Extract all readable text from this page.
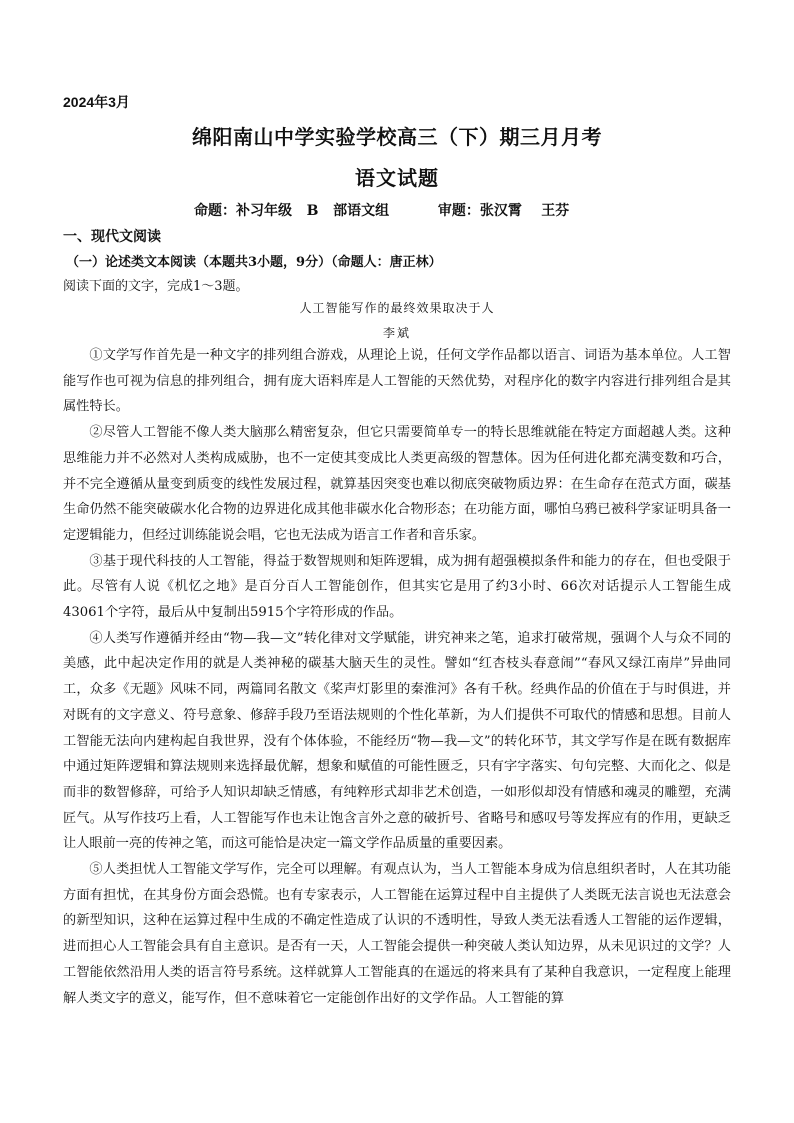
2024年3月
绵阳南山中学实验学校高三（下）期三月月考
语文试题
命题：补习年级   B   部语文组          审题：张汉霄    王芬
一、现代文阅读
（一）论述类文本阅读（本题共3小题，9分）（命题人：唐正林）
阅读下面的文字，完成1～3题。
人工智能写作的最终效果取决于人
李斌

①文学写作首先是一种文字的排列组合游戏，从理论上说，任何文学作品都以语言、词语为基本单位。人工智能写作也可视为信息的排列组合，拥有庞大语料库是人工智能的天然优势，对程序化的数字内容进行排列组合是其属性特长。

②尽管人工智能不像人类大脑那么精密复杂，但它只需要简单专一的特长思维就能在特定方面超越人类。这种思维能力并不必然对人类构成威胁，也不一定使其变成比人类更高级的智慧体。因为任何进化都充满变数和巧合，并不完全遵循从量变到质变的线性发展过程，就算基因突变也难以彻底突破物质边界：在生命存在范式方面，碳基生命仍然不能突破碳水化合物的边界进化成其他非碳水化合物形态；在功能方面，哪怕乌鸦已被科学家证明具备一定逻辑能力，但经过训练能说会唱，它也无法成为语言工作者和音乐家。

③基于现代科技的人工智能，得益于数智规则和矩阵逻辑，成为拥有超强模拟条件和能力的存在，但也受限于此。尽管有人说《机忆之地》是百分百人工智能创作，但其实它是用了约3小时、66次对话提示人工智能生成43061个字符，最后从中复制出5915个字符形成的作品。

④人类写作遵循并经由“物—我—文”转化律对文学赋能，讲究神来之笔，追求打破常规，强调个人与众不同的美感，此中起决定作用的就是人类神秘的碳基大脑天生的灵性。譬如“红杏枝头春意闹”“春风又绿江南岸”异曲同工，众多《无题》风味不同，两篇同名散文《桨声灯影里的秦淮河》各有千秋。经典作品的价值在于与时俱进，并对既有的文字意义、符号意象、修辞手段乃至语法规则的个性化革新，为人们提供不可取代的情感和思想。目前人工智能无法向内建构起自我世界，没有个体体验，不能经历“物—我—文”的转化环节，其文学写作是在既有数据库中通过矩阵逻辑和算法规则来选择最优解，想象和赋值的可能性匮乏，只有字字落实、句句完整、大而化之、似是而非的数智修辞，可给予人知识却缺乏情感，有纯粹形式却非艺术创造，一如形似却没有情感和魂灵的雕塑，充满匠气。从写作技巧上看，人工智能写作也未让饱含言外之意的破折号、省略号和感叹号等发挥应有的作用，更缺乏让人眼前一亮的传神之笔，而这可能恰是决定一篇文学作品质量的重要因素。

⑤人类担忧人工智能文学写作，完全可以理解。有观点认为，当人工智能本身成为信息组织者时，人在其功能方面有担忧，在其身份方面会恐慌。也有专家表示，人工智能在运算过程中自主提供了人类既无法言说也无法意会的新型知识，这种在运算过程中生成的不确定性造成了认识的不透明性，导致人类无法看透人工智能的运作逻辑，进而担心人工智能会具有自主意识。是否有一天，人工智能会提供一种突破人类认知边界，从未见识过的文学？人工智能依然沿用人类的语言符号系统。这样就算人工智能真的在遥远的将来具有了某种自我意识，一定程度上能理解人类文字的意义，能写作，但不意味着它一定能创作出好的文学作品。人工智能的算
